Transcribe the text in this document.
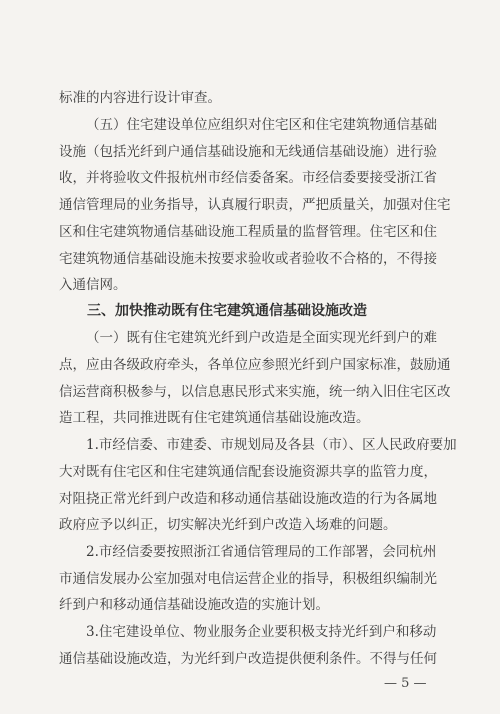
标准的内容进行设计审查。
（五）住宅建设单位应组织对住宅区和住宅建筑物通信基础
设施（包括光纤到户通信基础设施和无线通信基础设施）进行验
收，并将验收文件报杭州市经信委备案。市经信委要接受浙江省
通信管理局的业务指导，认真履行职责，严把质量关，加强对住宅
区和住宅建筑物通信基础设施工程质量的监督管理。住宅区和住
宅建筑物通信基础设施未按要求验收或者验收不合格的，不得接
入通信网。
三、加快推动既有住宅建筑通信基础设施改造
（一）既有住宅建筑光纤到户改造是全面实现光纤到户的难
点，应由各级政府牵头，各单位应参照光纤到户国家标准，鼓励通
信运营商积极参与，以信息惠民形式来实施，统一纳入旧住宅区改
造工程，共同推进既有住宅建筑通信基础设施改造。
1.市经信委、市建委、市规划局及各县（市）、区人民政府要加
大对既有住宅区和住宅建筑通信配套设施资源共享的监管力度，
对阻挠正常光纤到户改造和移动通信基础设施改造的行为各属地
政府应予以纠正，切实解决光纤到户改造入场难的问题。
2.市经信委要按照浙江省通信管理局的工作部署，会同杭州
市通信发展办公室加强对电信运营企业的指导，积极组织编制光
纤到户和移动通信基础设施改造的实施计划。
3.住宅建设单位、物业服务企业要积极支持光纤到户和移动
通信基础设施改造，为光纤到户改造提供便利条件。不得与任何
— 5 —
